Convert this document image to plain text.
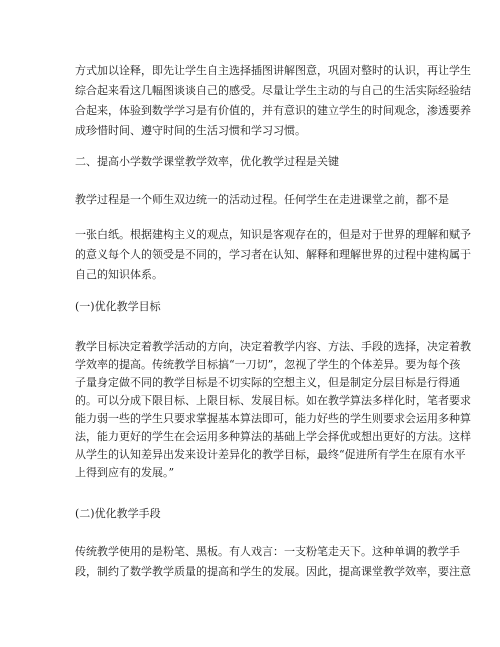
方式加以诠释，即先让学生自主选择插图讲解图意，巩固对整时的认识，再让学生
综合起来看这几幅图谈谈自己的感受。尽量让学生主动的与自己的生活实际经验结
合起来，体验到数学学习是有价值的，并有意识的建立学生的时间观念，渗透要养
成珍惜时间、遵守时间的生活习惯和学习习惯。
二、提高小学数学课堂教学效率，优化教学过程是关键
教学过程是一个师生双边统一的活动过程。任何学生在走进课堂之前，都不是
一张白纸。根据建构主义的观点，知识是客观存在的，但是对于世界的理解和赋予
的意义每个人的领受是不同的，学习者在认知、解释和理解世界的过程中建构属于
自己的知识体系。
(一)优化教学目标
教学目标决定着教学活动的方向，决定着教学内容、方法、手段的选择，决定着教
学效率的提高。传统教学目标搞“一刀切”，忽视了学生的个体差异。要为每个孩
子量身定做不同的教学目标是不切实际的空想主义，但是制定分层目标是行得通
的。可以分成下限目标、上限目标、发展目标。如在教学算法多样化时，笔者要求
能力弱一些的学生只要求掌握基本算法即可，能力好些的学生则要求会运用多种算
法，能力更好的学生在会运用多种算法的基础上学会择优或想出更好的方法。这样
从学生的认知差异出发来设计差异化的教学目标，最终“促进所有学生在原有水平
上得到应有的发展。”
(二)优化教学手段
传统教学使用的是粉笔、黑板。有人戏言：一支粉笔走天下。这种单调的教学手
段，制约了数学教学质量的提高和学生的发展。因此，提高课堂教学效率，要注意
